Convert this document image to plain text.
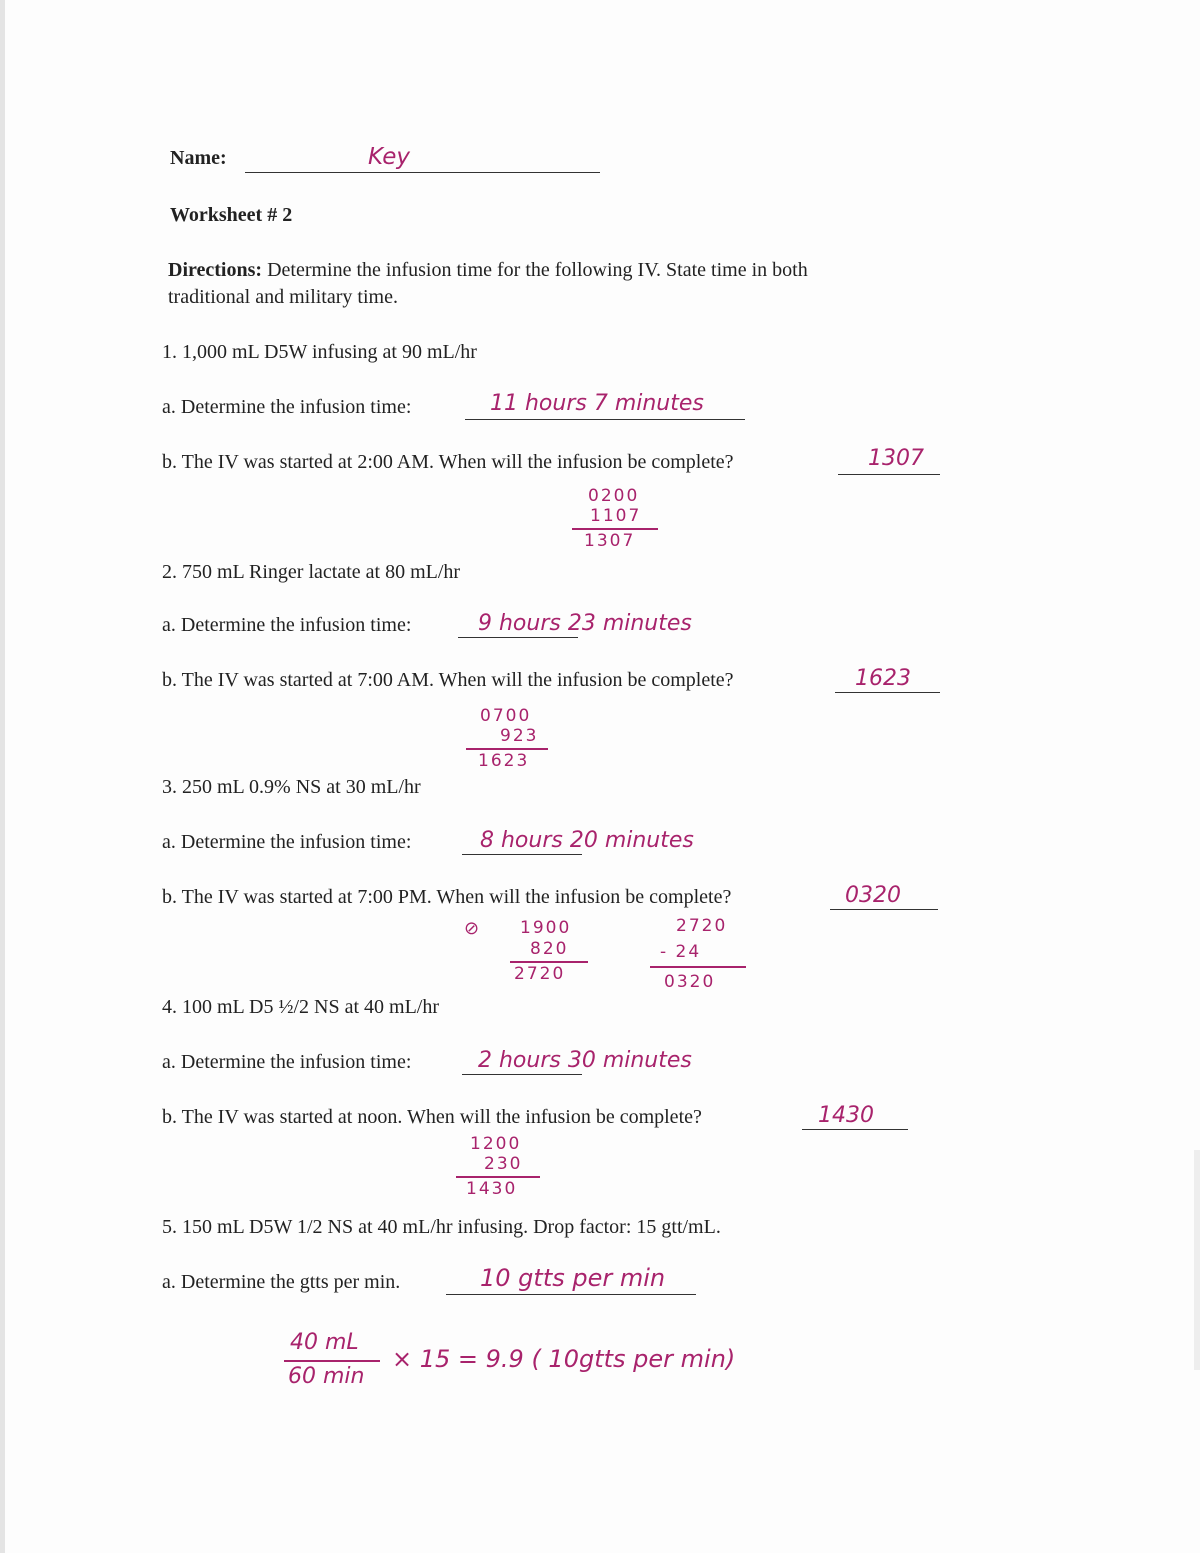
Name:	Key
Worksheet # 2
Directions: Determine the infusion time for the following IV. State time in both
traditional and military time.
1. 1,000 mL D5W infusing at 90 mL/hr
a. Determine the infusion time:	11 hours 7 minutes
b. The IV was started at 2:00 AM. When will the infusion be complete?	1307
0200
1107
1307
2. 750 mL Ringer lactate at 80 mL/hr
a. Determine the infusion time:	9 hours 23 minutes
b. The IV was started at 7:00 AM. When will the infusion be complete?	1623
0700
923
1623
3. 250 mL 0.9% NS at 30 mL/hr
a. Determine the infusion time:	8 hours 20 minutes
b. The IV was started at 7:00 PM. When will the infusion be complete?	0320
⊘ 1900
820
2720
2720
- 24
0320
4. 100 mL D5 ½/2 NS at 40 mL/hr
a. Determine the infusion time:	2 hours 30 minutes
b. The IV was started at noon. When will the infusion be complete?	1430
1200
230
1430
5. 150 mL D5W 1/2 NS at 40 mL/hr infusing. Drop factor: 15 gtt/mL.
a. Determine the gtts per min.	10 gtts per min
40 mL
60 min
× 15 = 9.9 ( 10gtts per min)
